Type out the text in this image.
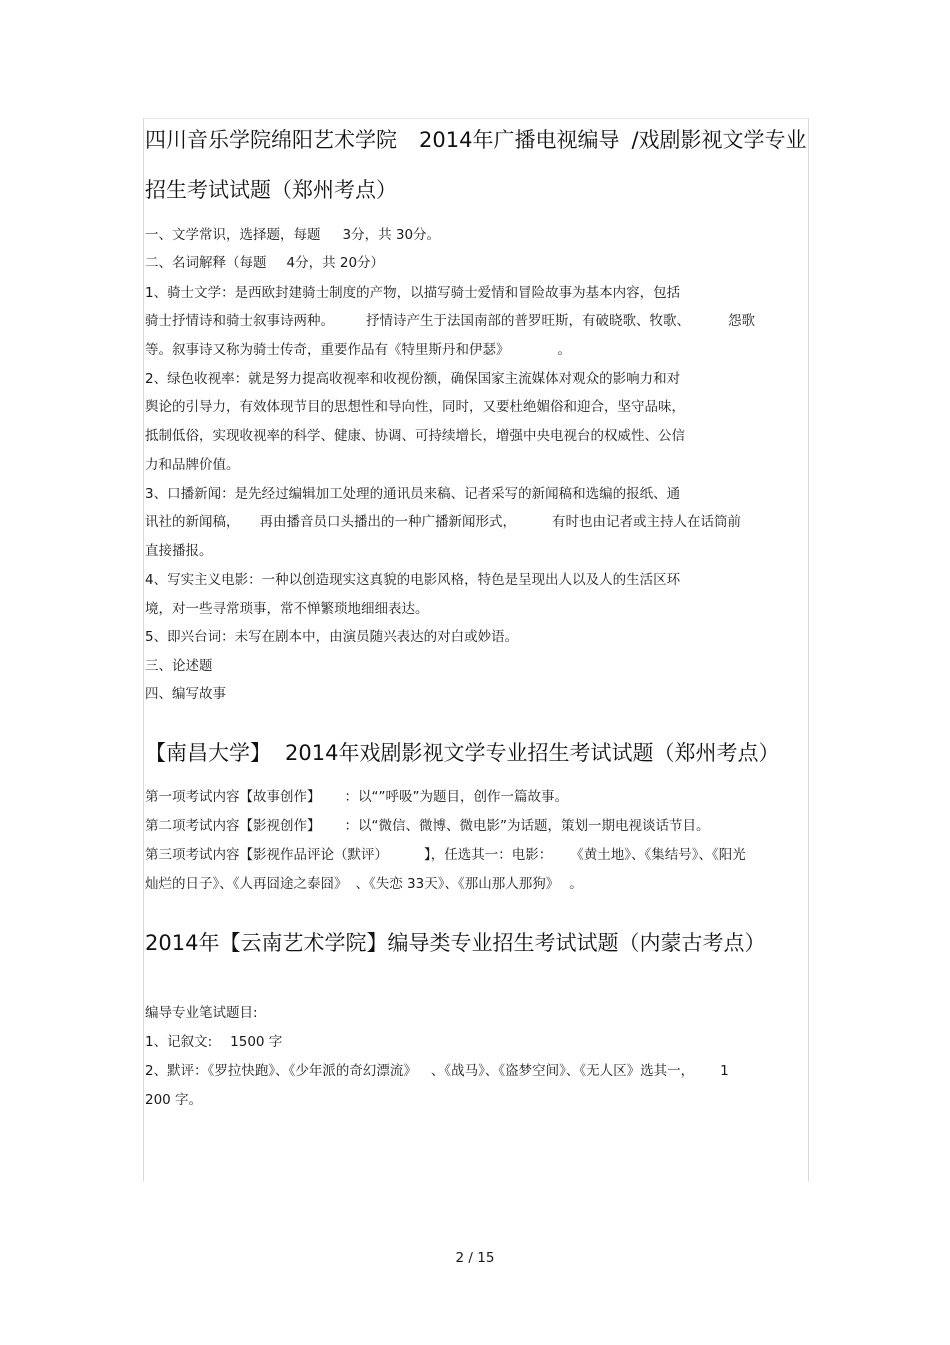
四川音乐学院绵阳艺术学院 2014年广播电视编导 /戏剧影视文学专业
招生考试试题（郑州考点）
一、文学常识，选择题，每题 3分，共 30分。
二、名词解释（每题 4分，共 20分）
1、骑士文学：是西欧封建骑士制度的产物，以描写骑士爱情和冒险故事为基本内容，包括
骑士抒情诗和骑士叙事诗两种。 抒情诗产生于法国南部的普罗旺斯，有破晓歌、牧歌、	怨歌
等。叙事诗又称为骑士传奇，重要作品有《特里斯丹和伊瑟》	。
2、绿色收视率：就是努力提高收视率和收视份额，确保国家主流媒体对观众的影响力和对
舆论的引导力，有效体现节目的思想性和导向性，同时，又要杜绝媚俗和迎合，坚守品味，
抵制低俗，实现收视率的科学、健康、协调、可持续增长，增强中央电视台的权威性、公信
力和品牌价值。
3、口播新闻：是先经过编辑加工处理的通讯员来稿、记者采写的新闻稿和选编的报纸、通
讯社的新闻稿， 再由播音员口头播出的一种广播新闻形式，	有时也由记者或主持人在话筒前
直接播报。
4、写实主义电影：一种以创造现实这真貌的电影风格，特色是呈现出人以及人的生活区环
境，对一些寻常琐事，常不惮繁琐地细细表达。
5、即兴台词：未写在剧本中，由演员随兴表达的对白或妙语。
三、论述题
四、编写故事
【南昌大学】 2014年戏剧影视文学专业招生考试试题（郑州考点）
第一项考试内容【故事创作】 ：以“”呼吸”为题目，创作一篇故事。
第二项考试内容【影视创作】 ：以“微信、微博、微电影”为话题，策划一期电视谈话节目。
第三项考试内容【影视作品评论（默评）	】，任选其一：电影： 《黄土地》、《集结号》、《阳光
灿烂的日子》、《人再囧途之泰囧》 、《失恋 33天》、《那山那人那狗》 。
2014年【云南艺术学院】编导类专业招生考试试题（内蒙古考点）
编导专业笔试题目:
1、记叙文: 1500 字
2、默评：《罗拉快跑》、《少年派的奇幻漂流》 、《战马》、《盗梦空间》、《无人区》选其一， 1
200 字。
2 / 15
